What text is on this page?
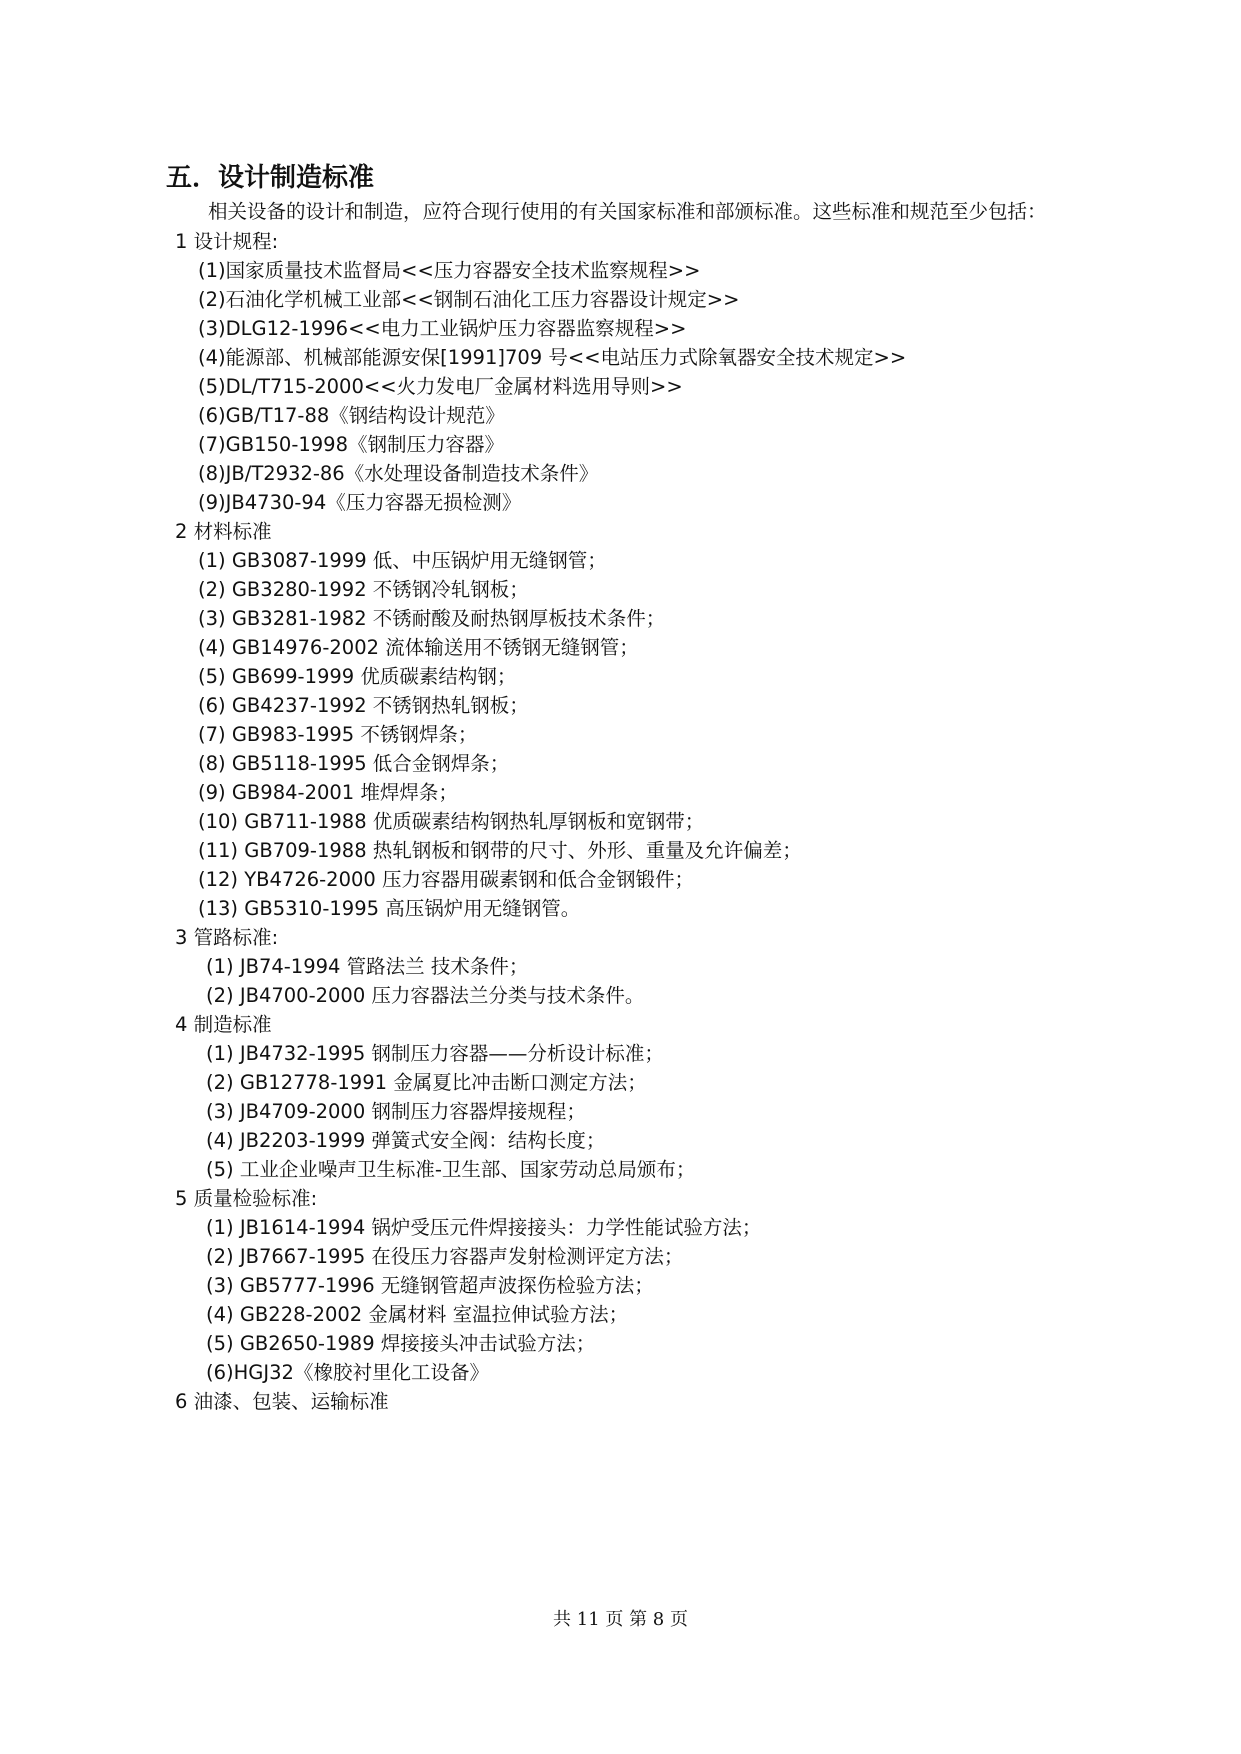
五．设计制造标准
相关设备的设计和制造，应符合现行使用的有关国家标准和部颁标准。这些标准和规范至少包括：
1 设计规程:
(1)国家质量技术监督局<<压力容器安全技术监察规程>>
(2)石油化学机械工业部<<钢制石油化工压力容器设计规定>>
(3)DLG12-1996<<电力工业锅炉压力容器监察规程>>
(4)能源部、机械部能源安保[1991]709 号<<电站压力式除氧器安全技术规定>>
(5)DL/T715-2000<<火力发电厂金属材料选用导则>>
(6)GB/T17-88《钢结构设计规范》
(7)GB150-1998《钢制压力容器》
(8)JB/T2932-86《水处理设备制造技术条件》
(9)JB4730-94《压力容器无损检测》
2 材料标准
(1) GB3087-1999 低、中压锅炉用无缝钢管；
(2) GB3280-1992 不锈钢冷轧钢板；
(3) GB3281-1982 不锈耐酸及耐热钢厚板技术条件；
(4) GB14976-2002 流体输送用不锈钢无缝钢管；
(5) GB699-1999 优质碳素结构钢；
(6) GB4237-1992 不锈钢热轧钢板；
(7) GB983-1995 不锈钢焊条；
(8) GB5118-1995 低合金钢焊条；
(9) GB984-2001 堆焊焊条；
(10) GB711-1988 优质碳素结构钢热轧厚钢板和宽钢带；
(11) GB709-1988 热轧钢板和钢带的尺寸、外形、重量及允许偏差；
(12) YB4726-2000 压力容器用碳素钢和低合金钢锻件；
(13) GB5310-1995 高压锅炉用无缝钢管。
3 管路标准:
(1) JB74-1994 管路法兰 技术条件；
(2) JB4700-2000 压力容器法兰分类与技术条件。
4 制造标准
(1) JB4732-1995 钢制压力容器——分析设计标准；
(2) GB12778-1991 金属夏比冲击断口测定方法；
(3) JB4709-2000 钢制压力容器焊接规程；
(4) JB2203-1999 弹簧式安全阀：结构长度；
(5) 工业企业噪声卫生标准-卫生部、国家劳动总局颁布；
5 质量检验标准:
(1) JB1614-1994 锅炉受压元件焊接接头：力学性能试验方法；
(2) JB7667-1995 在役压力容器声发射检测评定方法；
(3) GB5777-1996 无缝钢管超声波探伤检验方法；
(4) GB228-2002 金属材料 室温拉伸试验方法；
(5) GB2650-1989 焊接接头冲击试验方法；
(6)HGJ32《橡胶衬里化工设备》
6 油漆、包装、运输标准
共 11 页 第 8 页
